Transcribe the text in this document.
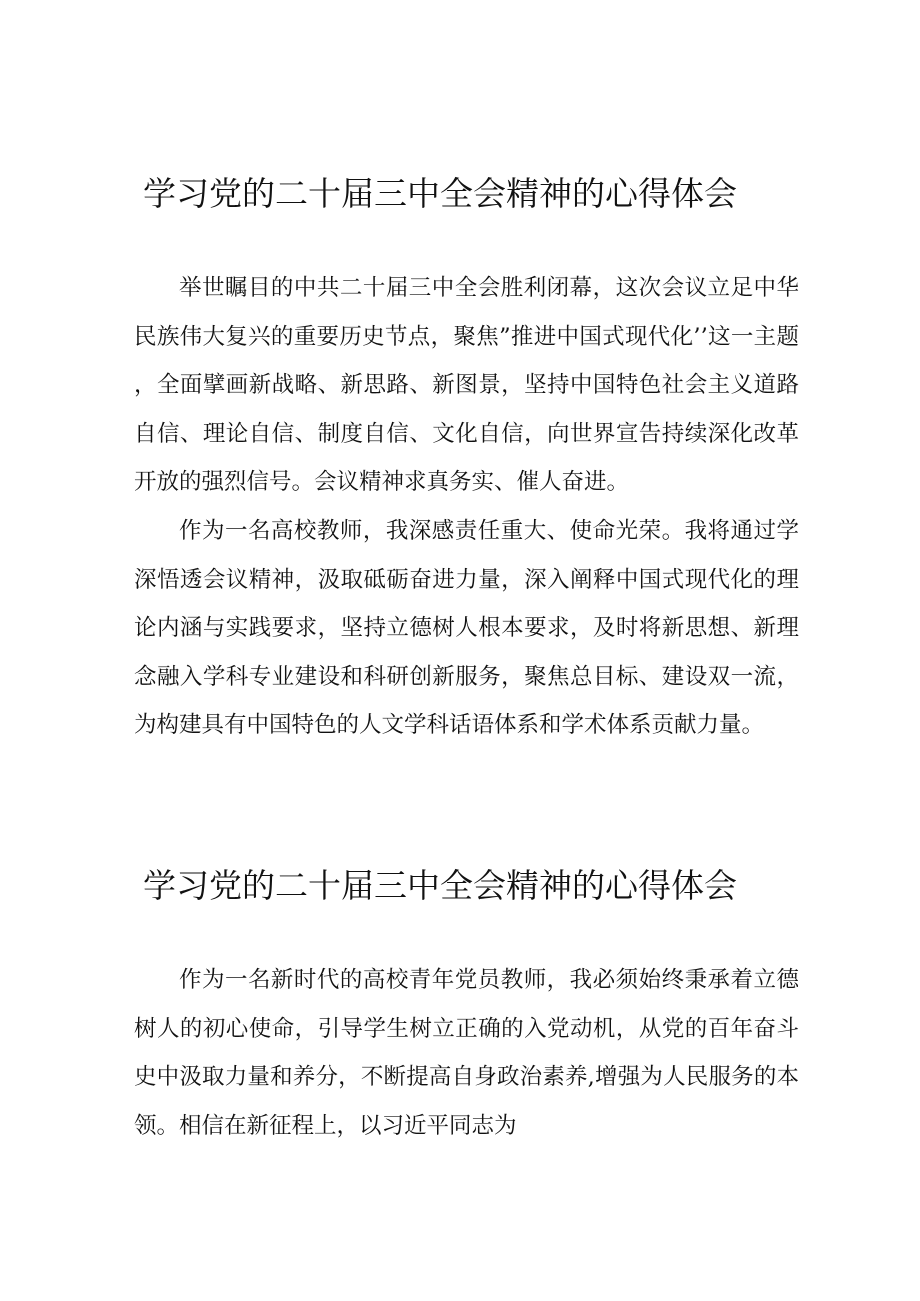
学习党的二十届三中全会精神的心得体会

举世瞩目的中共二十届三中全会胜利闭幕，这次会议立足中华民族伟大复兴的重要历史节点，聚焦”推进中国式现代化’’这一主题，全面擘画新战略、新思路、新图景，坚持中国特色社会主义道路自信、理论自信、制度自信、文化自信，向世界宣告持续深化改革开放的强烈信号。会议精神求真务实、催人奋进。

作为一名高校教师，我深感责任重大、使命光荣。我将通过学深悟透会议精神，汲取砥砺奋进力量，深入阐释中国式现代化的理论内涵与实践要求，坚持立德树人根本要求，及时将新思想、新理念融入学科专业建设和科研创新服务，聚焦总目标、建设双一流，为构建具有中国特色的人文学科话语体系和学术体系贡献力量。

学习党的二十届三中全会精神的心得体会

作为一名新时代的高校青年党员教师，我必须始终秉承着立德树人的初心使命，引导学生树立正确的入党动机，从党的百年奋斗史中汲取力量和养分，不断提高自身政治素养,增强为人民服务的本领。相信在新征程上，以习近平同志为
